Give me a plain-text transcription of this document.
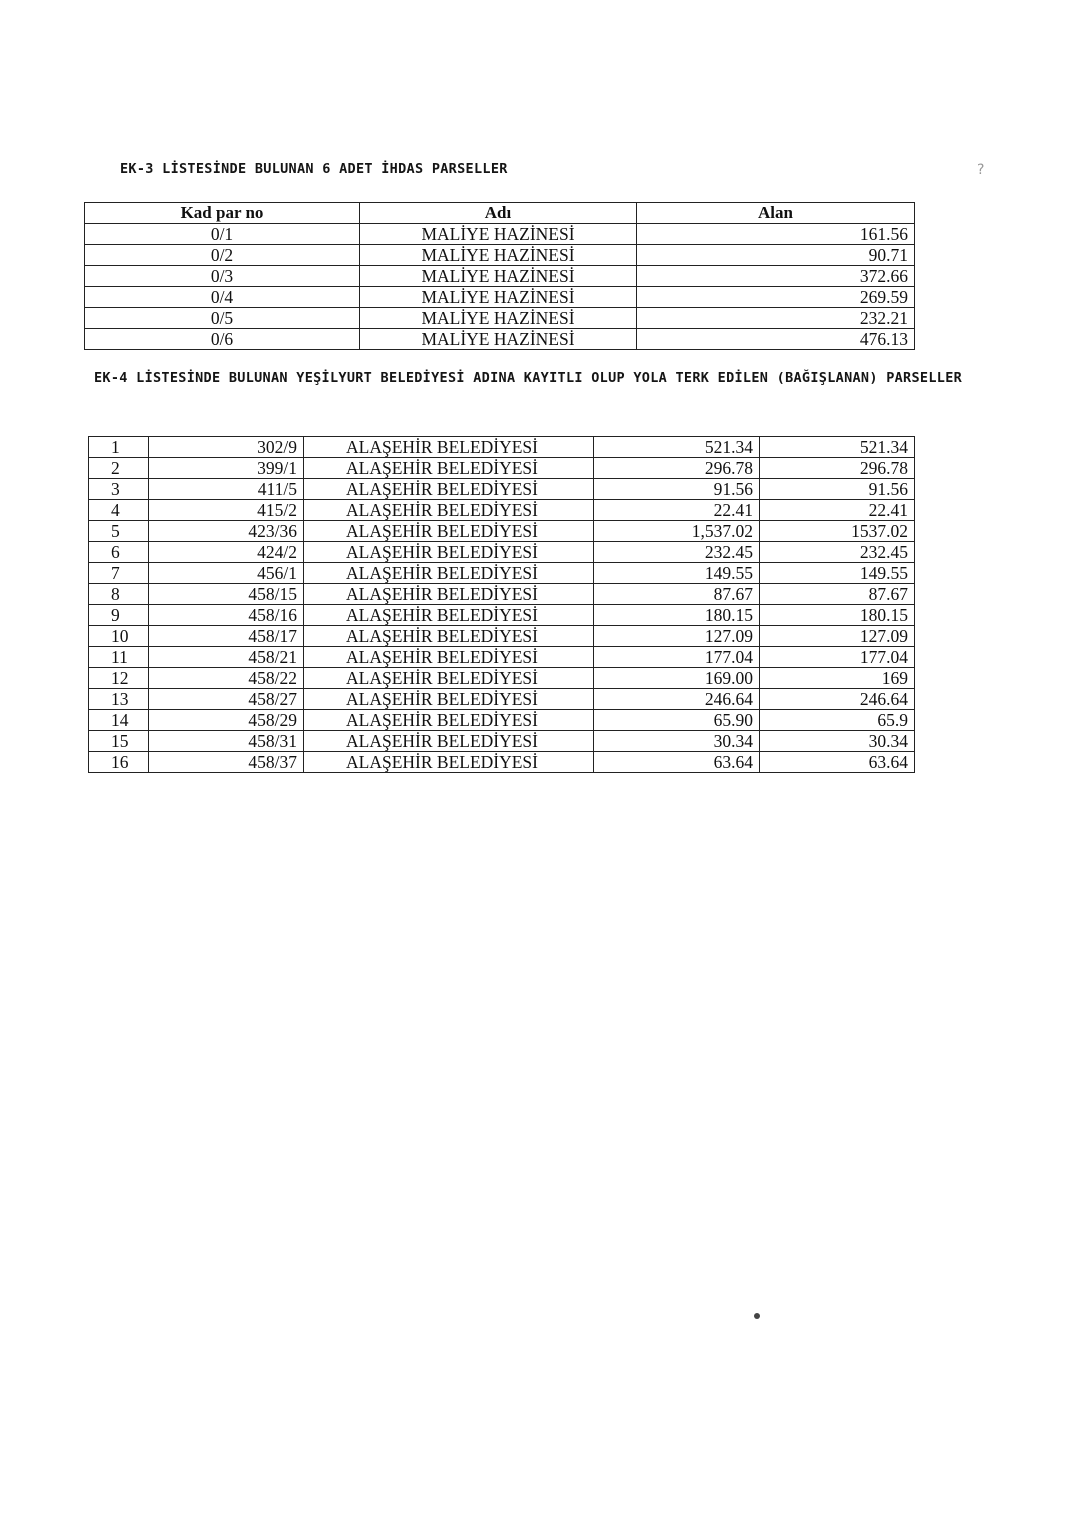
EK-3 LİSTESİNDE BULUNAN 6 ADET İHDAS PARSELLER	?
Kad par no	Adı	Alan
0/1	MALİYE HAZİNESİ	161.56
0/2	MALİYE HAZİNESİ	90.71
0/3	MALİYE HAZİNESİ	372.66
0/4	MALİYE HAZİNESİ	269.59
0/5	MALİYE HAZİNESİ	232.21
0/6	MALİYE HAZİNESİ	476.13
EK-4 LİSTESİNDE BULUNAN YEŞİLYURT BELEDİYESİ ADINA KAYITLI OLUP YOLA TERK EDİLEN (BAĞIŞLANAN) PARSELLER
1	302/9	ALAŞEHİR BELEDİYESİ	521.34	521.34
2	399/1	ALAŞEHİR BELEDİYESİ	296.78	296.78
3	411/5	ALAŞEHİR BELEDİYESİ	91.56	91.56
4	415/2	ALAŞEHİR BELEDİYESİ	22.41	22.41
5	423/36	ALAŞEHİR BELEDİYESİ	1,537.02	1537.02
6	424/2	ALAŞEHİR BELEDİYESİ	232.45	232.45
7	456/1	ALAŞEHİR BELEDİYESİ	149.55	149.55
8	458/15	ALAŞEHİR BELEDİYESİ	87.67	87.67
9	458/16	ALAŞEHİR BELEDİYESİ	180.15	180.15
10	458/17	ALAŞEHİR BELEDİYESİ	127.09	127.09
11	458/21	ALAŞEHİR BELEDİYESİ	177.04	177.04
12	458/22	ALAŞEHİR BELEDİYESİ	169.00	169
13	458/27	ALAŞEHİR BELEDİYESİ	246.64	246.64
14	458/29	ALAŞEHİR BELEDİYESİ	65.90	65.9
15	458/31	ALAŞEHİR BELEDİYESİ	30.34	30.34
16	458/37	ALAŞEHİR BELEDİYESİ	63.64	63.64
